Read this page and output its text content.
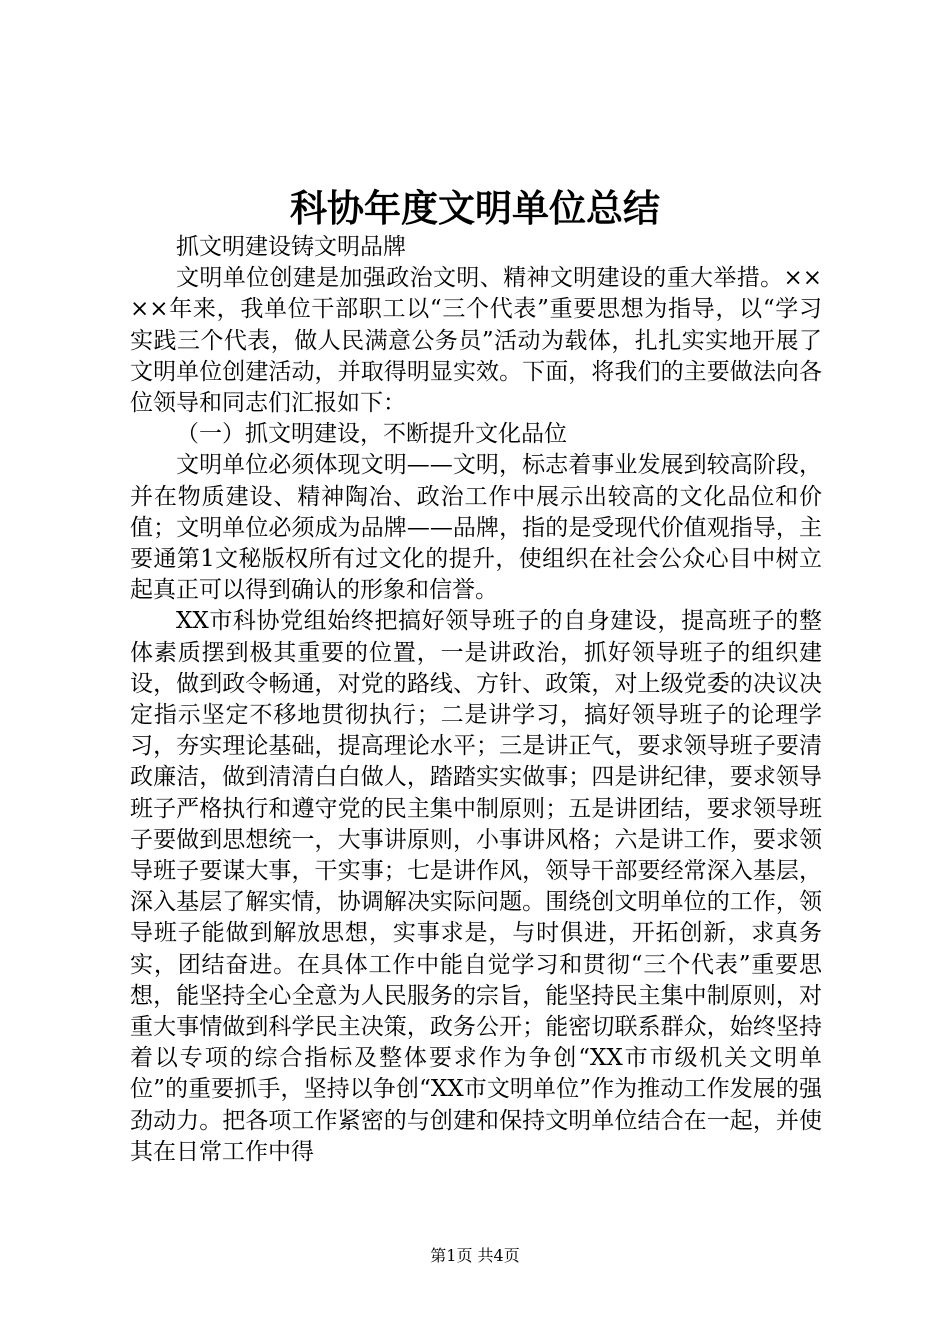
科协年度文明单位总结

抓文明建设铸文明品牌

文明单位创建是加强政治文明、精神文明建设的重大举措。××××年来，我单位干部职工以“三个代表”重要思想为指导，以“学习实践三个代表，做人民满意公务员”活动为载体，扎扎实实地开展了文明单位创建活动，并取得明显实效。下面，将我们的主要做法向各位领导和同志们汇报如下：

（一）抓文明建设，不断提升文化品位

文明单位必须体现文明——文明，标志着事业发展到较高阶段，并在物质建设、精神陶冶、政治工作中展示出较高的文化品位和价值；文明单位必须成为品牌——品牌，指的是受现代价值观指导，主要通第1文秘版权所有过文化的提升，使组织在社会公众心目中树立起真正可以得到确认的形象和信誉。

XX市科协党组始终把搞好领导班子的自身建设，提高班子的整体素质摆到极其重要的位置，一是讲政治，抓好领导班子的组织建设，做到政令畅通，对党的路线、方针、政策，对上级党委的决议决定指示坚定不移地贯彻执行；二是讲学习，搞好领导班子的论理学习，夯实理论基础，提高理论水平；三是讲正气，要求领导班子要清政廉洁，做到清清白白做人，踏踏实实做事；四是讲纪律，要求领导班子严格执行和遵守党的民主集中制原则；五是讲团结，要求领导班子要做到思想统一，大事讲原则，小事讲风格；六是讲工作，要求领导班子要谋大事，干实事；七是讲作风，领导干部要经常深入基层，深入基层了解实情，协调解决实际问题。围绕创文明单位的工作，领导班子能做到解放思想，实事求是，与时俱进，开拓创新，求真务实，团结奋进。在具体工作中能自觉学习和贯彻“三个代表”重要思想，能坚持全心全意为人民服务的宗旨，能坚持民主集中制原则，对重大事情做到科学民主决策，政务公开；能密切联系群众，始终坚持着以专项的综合指标及整体要求作为争创“XX市市级机关文明单位”的重要抓手，坚持以争创“XX市文明单位”作为推动工作发展的强劲动力。把各项工作紧密的与创建和保持文明单位结合在一起，并使其在日常工作中得

第1页 共4页
